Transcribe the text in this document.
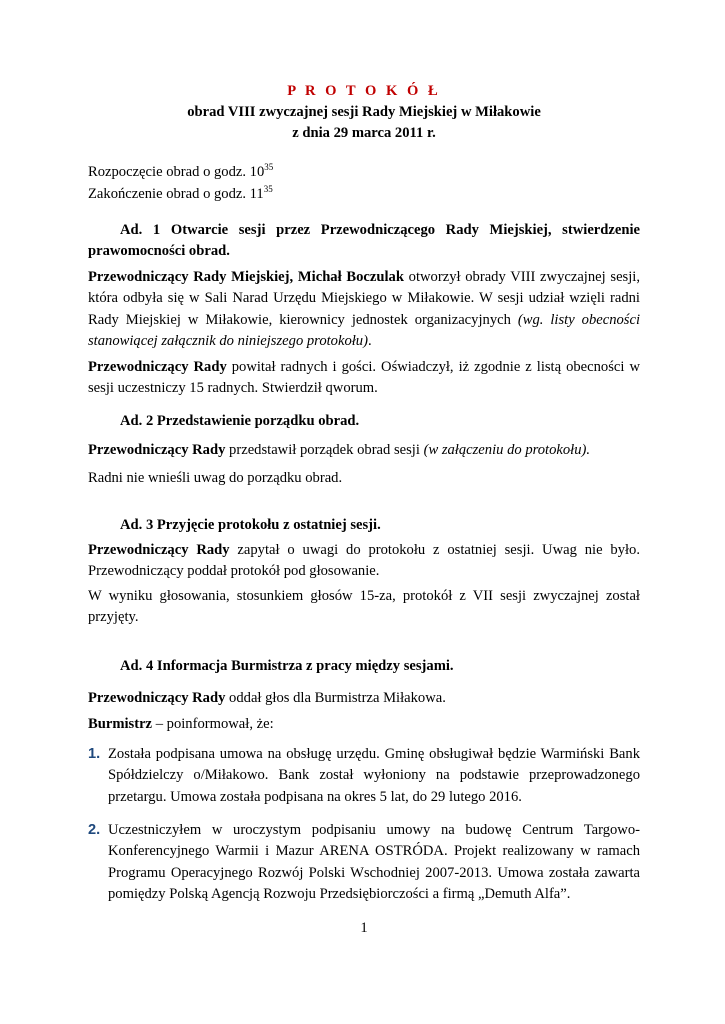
P R O T O K Ó Ł
obrad VIII zwyczajnej sesji Rady Miejskiej w Miłakowie
z dnia 29 marca 2011 r.
Rozpoczęcie obrad o godz. $10^{35}$
Zakończenie obrad o godz. $11^{35}$

Ad. 1 Otwarcie sesji przez Przewodniczącego Rady Miejskiej, stwierdzenie

prawomocności obrad.

Przewodniczący Rady Miejskiej, Michał Boczulak otworzył obrady VIII zwyczajnej sesji, która odbyła się w Sali Narad Urzędu Miejskiego w Miłakowie. W sesji udział wzięli radni Rady Miejskiej w Miłakowie, kierownicy jednostek organizacyjnych (wg. listy obecności stanowiącej załącznik do niniejszego protokołu).

Przewodniczący Rady powitał radnych i gości. Oświadczył, iż zgodnie z listą obecności w sesji uczestniczy 15 radnych. Stwierdził qworum.

Ad. 2 Przedstawienie porządku obrad.

Przewodniczący Rady przedstawił porządek obrad sesji (w załączeniu do protokołu).

Radni nie wnieśli uwag do porządku obrad.

Ad. 3 Przyjęcie protokołu z ostatniej sesji.

Przewodniczący Rady zapytał o uwagi do protokołu z ostatniej sesji. Uwag nie było. Przewodniczący poddał protokół pod głosowanie.

W wyniku głosowania, stosunkiem głosów 15-za, protokół z VII sesji zwyczajnej został przyjęty.

Ad. 4 Informacja Burmistrza z pracy między sesjami.

Przewodniczący Rady oddał głos dla Burmistrza Miłakowa.

Burmistrz – poinformował, że:

1. Została podpisana umowa na obsługę urzędu. Gminę obsługiwał będzie Warmiński Bank Spółdzielczy o/Miłakowo. Bank został wyłoniony na podstawie przeprowadzonego przetargu. Umowa została podpisana na okres 5 lat, do 29 lutego 2016.
2. Uczestniczyłem w uroczystym podpisaniu umowy na budowę Centrum Targowo-Konferencyjnego Warmii i Mazur ARENA OSTRÓDA. Projekt realizowany w ramach Programu Operacyjnego Rozwój Polski Wschodniej 2007-2013. Umowa została zawarta pomiędzy Polską Agencją Rozwoju Przedsiębiorczości a firmą „Demuth Alfa”.
1
